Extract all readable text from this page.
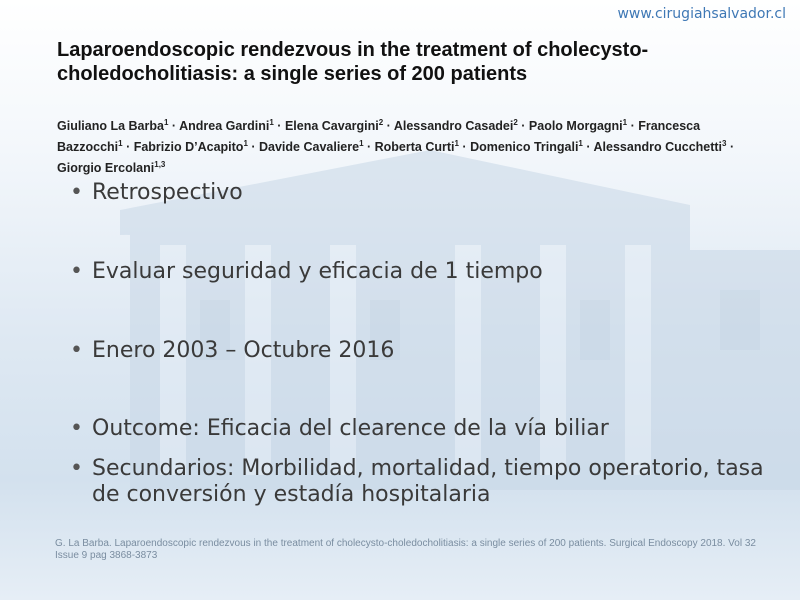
www.cirugiahsalvador.cl
Laparoendoscopic rendezvous in the treatment of cholecysto-choledocholitiasis: a single series of 200 patients
Giuliano La Barba$^1$ · Andrea Gardini$^1$ · Elena Cavargini$^2$ · Alessandro Casadei$^2$ · Paolo Morgagni$^1$ · Francesca Bazzocchi$^1$ · Fabrizio D’Acapito$^1$ · Davide Cavaliere$^1$ · Roberta Curti$^1$ · Domenico Tringali$^1$ · Alessandro Cucchetti$^3$ · Giorgio Ercolani$^{1,3}$
• Retrospectivo
• Evaluar seguridad y eficacia de 1 tiempo
• Enero 2003 – Octubre 2016
• Outcome: Eficacia del clearence de la vía biliar
• Secundarios: Morbilidad, mortalidad, tiempo operatorio, tasa de conversión y estadía hospitalaria
G. La Barba. Laparoendoscopic rendezvous in the treatment of cholecysto-choledocholitiasis: a single series of 200 patients. Surgical Endoscopy 2018. Vol 32 Issue 9 pag 3868-3873
